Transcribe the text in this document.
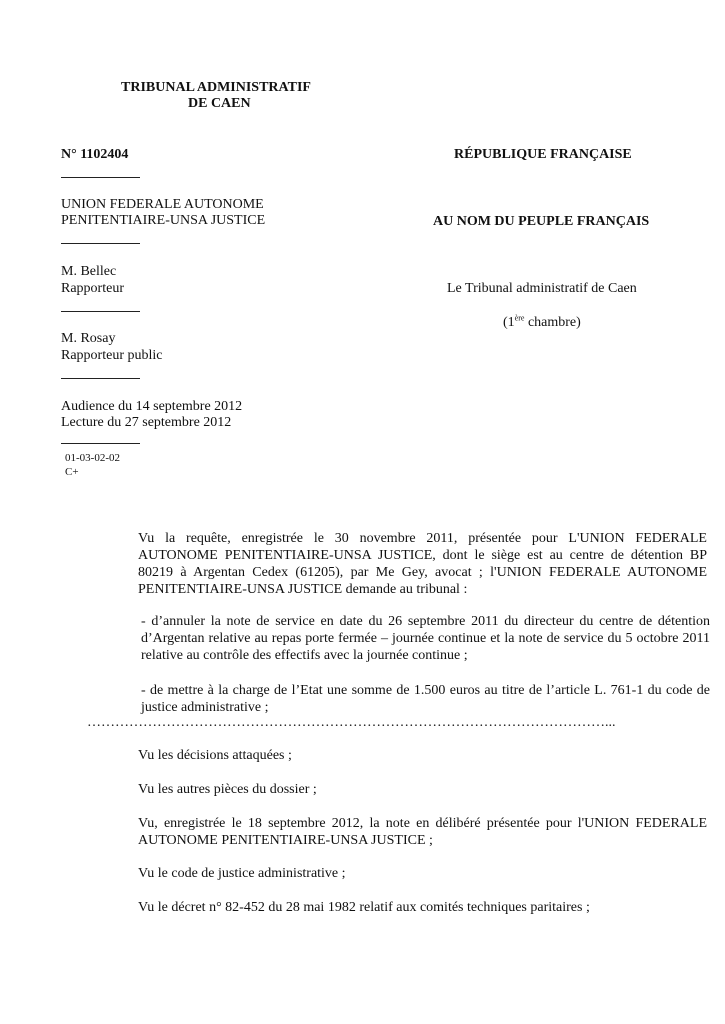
TRIBUNAL ADMINISTRATIF

DE CAEN

N° 1102404

UNION FEDERALE AUTONOME

PENITENTIAIRE-UNSA JUSTICE

M. Bellec

Rapporteur

M. Rosay

Rapporteur public

Audience du 14 septembre 2012

Lecture du 27 septembre 2012

01-03-02-02

C+

RÉPUBLIQUE FRANÇAISE

AU NOM DU PEUPLE FRANÇAIS

Le Tribunal administratif de Caen

(1ère chambre)

Vu la requête, enregistrée le 30 novembre 2011, présentée pour L'UNION FEDERALE AUTONOME PENITENTIAIRE-UNSA JUSTICE, dont le siège est au centre de détention BP 80219 à Argentan Cedex (61205), par Me Gey, avocat ; l'UNION FEDERALE AUTONOME PENITENTIAIRE-UNSA JUSTICE demande au tribunal :

- d’annuler la note de service en date du 26 septembre 2011 du directeur du centre de détention d’Argentan relative au repas porte fermée – journée continue et la note de service du 5 octobre 2011 relative au contrôle des effectifs avec la journée continue ;

- de mettre à la charge de l’Etat une somme de 1.500 euros au titre de l’article L. 761-1 du code de justice administrative ;

…………………………………………………………………………………………………...

Vu les décisions attaquées ;

Vu les autres pièces du dossier ;

Vu, enregistrée le 18 septembre 2012, la note en délibéré présentée pour l'UNION FEDERALE AUTONOME PENITENTIAIRE-UNSA JUSTICE ;

Vu le code de justice administrative ;

Vu le décret n° 82-452 du 28 mai 1982 relatif aux comités techniques paritaires ;
